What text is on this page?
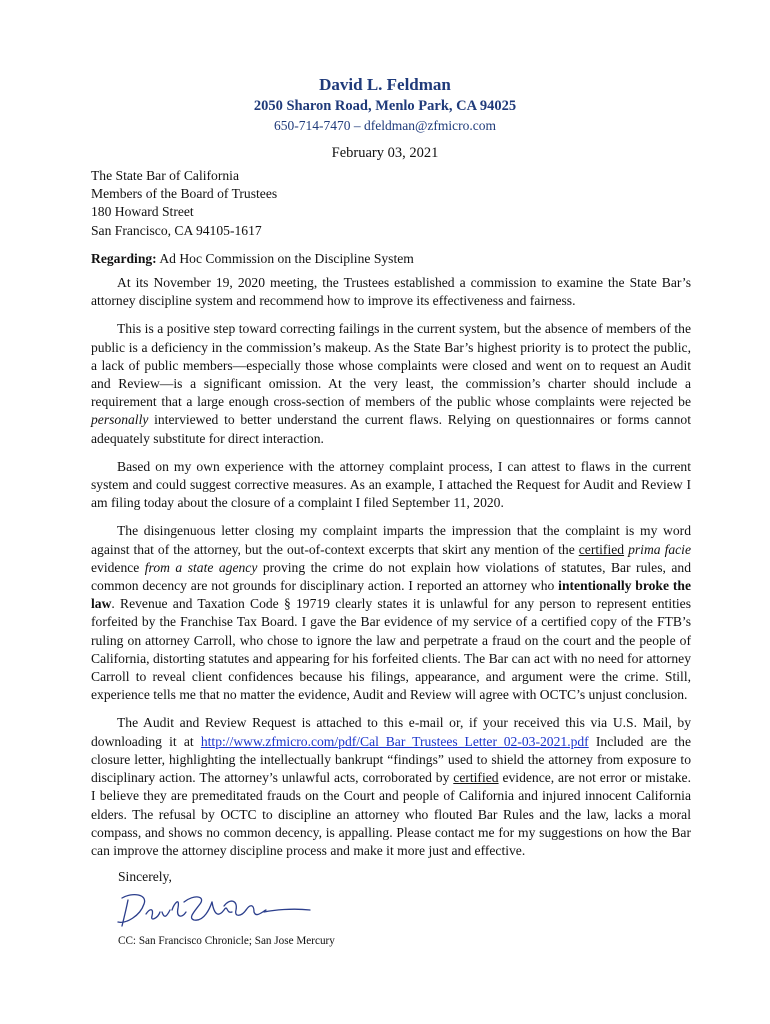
David L. Feldman
2050 Sharon Road, Menlo Park, CA 94025
650-714-7470 – dfeldman@zfmicro.com
February 03, 2021
The State Bar of California
Members of the Board of Trustees
180 Howard Street
San Francisco, CA 94105-1617
Regarding: Ad Hoc Commission on the Discipline System

At its November 19, 2020 meeting, the Trustees established a commission to examine the State Bar’s attorney discipline system and recommend how to improve its effectiveness and fairness.

This is a positive step toward correcting failings in the current system, but the absence of members of the public is a deficiency in the commission’s makeup. As the State Bar’s highest priority is to protect the public, a lack of public members—especially those whose complaints were closed and went on to request an Audit and Review—is a significant omission. At the very least, the commission’s charter should include a requirement that a large enough cross-section of members of the public whose complaints were rejected be personally interviewed to better understand the current flaws. Relying on questionnaires or forms cannot adequately substitute for direct interaction.

Based on my own experience with the attorney complaint process, I can attest to flaws in the current system and could suggest corrective measures. As an example, I attached the Request for Audit and Review I am filing today about the closure of a complaint I filed September 11, 2020.

The disingenuous letter closing my complaint imparts the impression that the complaint is my word against that of the attorney, but the out-of-context excerpts that skirt any mention of the certified prima facie evidence from a state agency proving the crime do not explain how violations of statutes, Bar rules, and common decency are not grounds for disciplinary action. I reported an attorney who intentionally broke the law. Revenue and Taxation Code § 19719 clearly states it is unlawful for any person to represent entities forfeited by the Franchise Tax Board. I gave the Bar evidence of my service of a certified copy of the FTB’s ruling on attorney Carroll, who chose to ignore the law and perpetrate a fraud on the court and the people of California, distorting statutes and appearing for his forfeited clients. The Bar can act with no need for attorney Carroll to reveal client confidences because his filings, appearance, and argument were the crime. Still, experience tells me that no matter the evidence, Audit and Review will agree with OCTC’s unjust conclusion.

The Audit and Review Request is attached to this e-mail or, if your received this via U.S. Mail, by downloading it at http://www.zfmicro.com/pdf/Cal_Bar_Trustees_Letter_02-03-2021.pdf Included are the closure letter, highlighting the intellectually bankrupt “findings” used to shield the attorney from exposure to disciplinary action. The attorney’s unlawful acts, corroborated by certified evidence, are not error or mistake. I believe they are premeditated frauds on the Court and people of California and injured innocent California elders. The refusal by OCTC to discipline an attorney who flouted Bar Rules and the law, lacks a moral compass, and shows no common decency, is appalling. Please contact me for my suggestions on how the Bar can improve the attorney discipline process and make it more just and effective.

Sincerely,
CC: San Francisco Chronicle; San Jose Mercury
